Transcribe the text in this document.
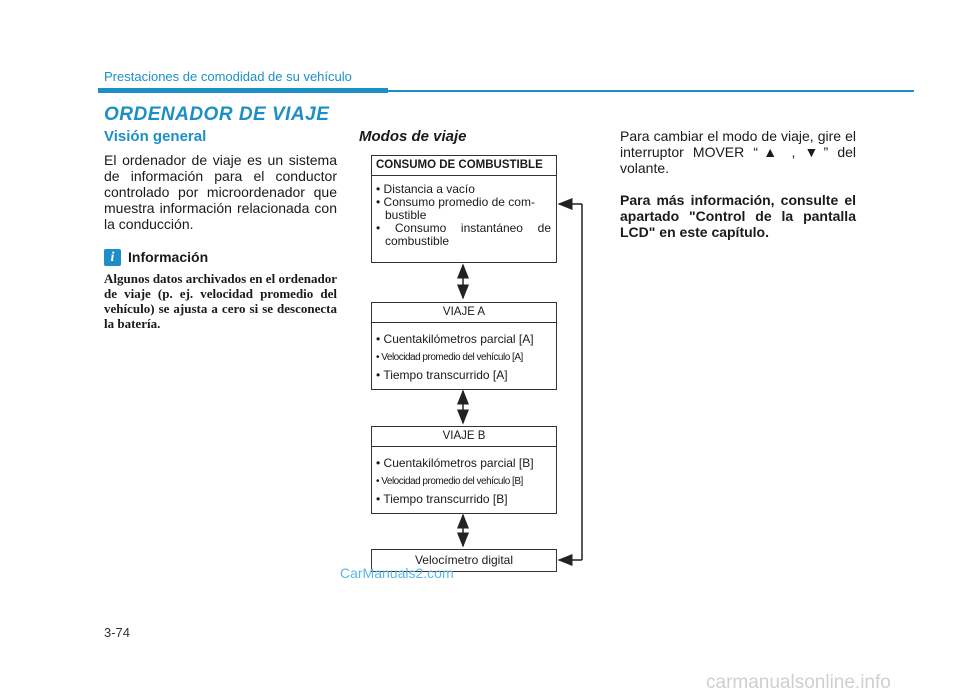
Prestaciones de comodidad de su vehículo
ORDENADOR DE VIAJE
Visión general
El ordenador de viaje es un sistema de información para el conductor controlado por microordenador que muestra información relacionada con la conducción.
i Información
Algunos datos archivados en el ordenador de viaje (p. ej. velocidad promedio del vehículo) se ajusta a cero si se desconecta la batería.
Modos de viaje
CONSUMO DE COMBUSTIBLE
• Distancia a vacío
• Consumo promedio de com-
bustible
• Consumo instantáneo de
combustible
VIAJE A
• Cuentakilómetros parcial [A]
• Velocidad promedio del vehículo [A]
• Tiempo transcurrido [A]
VIAJE B
• Cuentakilómetros parcial [B]
• Velocidad promedio del vehículo [B]
• Tiempo transcurrido [B]
Velocímetro digital
Para cambiar el modo de viaje, gire el interruptor MOVER “▲ , ▼” del volante.
Para más información, consulte el apartado "Control de la pantalla LCD" en este capítulo.
CarManuals2.com
3-74
carmanualsonline.info
